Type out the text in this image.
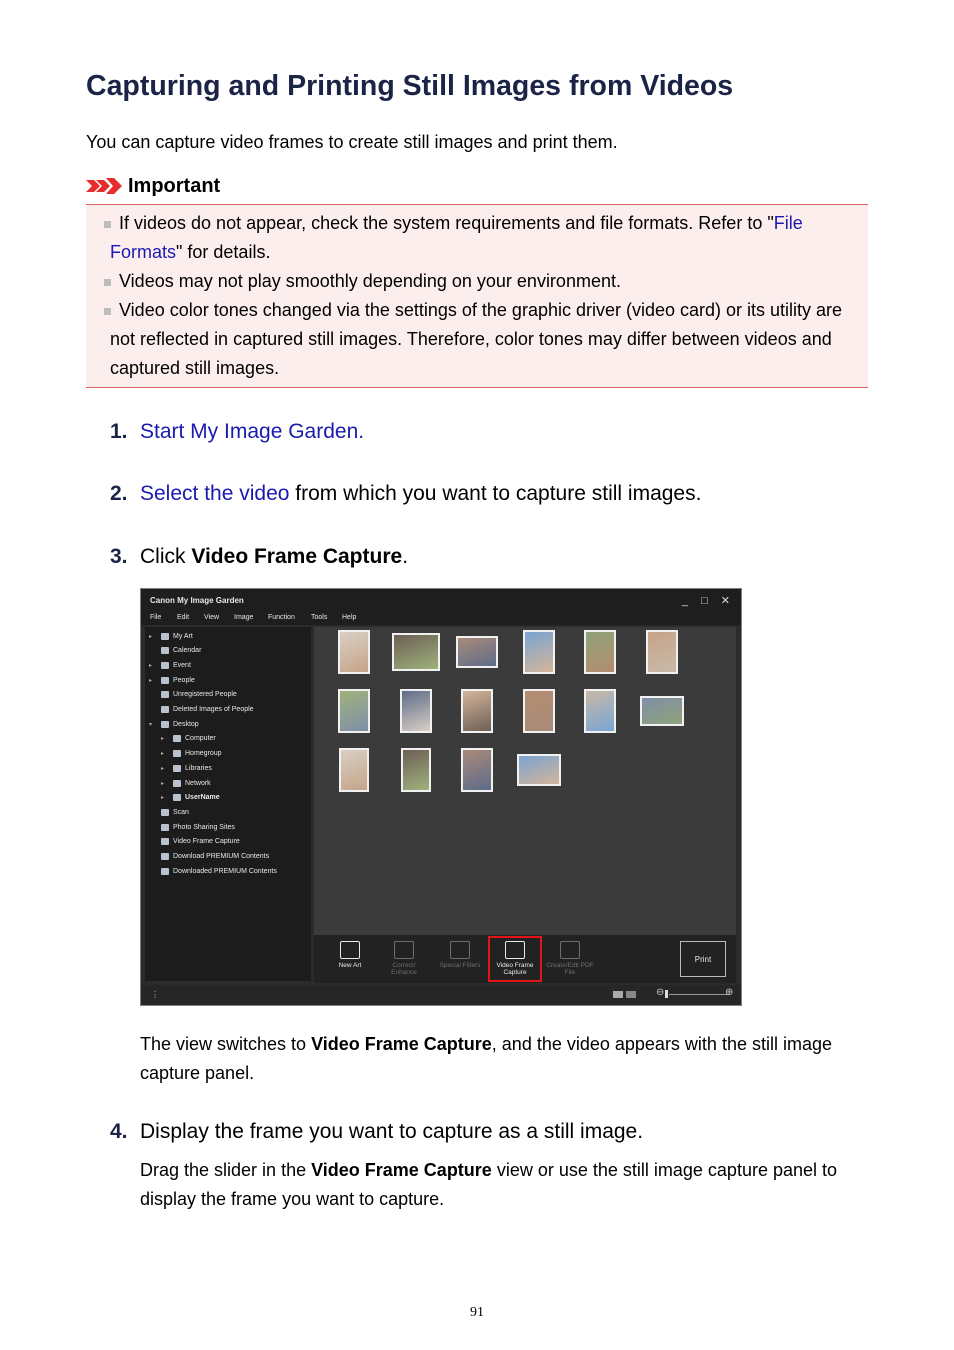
Capturing and Printing Still Images from Videos
You can capture video frames to create still images and print them.
Important
If videos do not appear, check the system requirements and file formats. Refer to "File Formats" for details.
Videos may not play smoothly depending on your environment.
Video color tones changed via the settings of the graphic driver (video card) or its utility are not reflected in captured still images. Therefore, color tones may differ between videos and captured still images.
1. Start My Image Garden.
2. Select the video from which you want to capture still images.
3. Click Video Frame Capture.
Canon My Image Garden	_ □ ✕
File Edit View Image Function Tools Help
▸	My Art
Calendar
▸	Event
▸	People
Unregistered People
Deleted Images of People
▾	Desktop
▸	Computer
▸	Homegroup
▸	Libraries
▸	Network
▸	UserName
Scan
Photo Sharing Sites
Video Frame Capture
Download PREMIUM Contents
Downloaded PREMIUM Contents
New Art	Correct/ Enhance
Special Filters	Video Frame Capture
Create/Edit PDF File
Print
⋮	⊖	⊕
The view switches to Video Frame Capture, and the video appears with the still image capture panel.
4. Display the frame you want to capture as a still image.
Drag the slider in the Video Frame Capture view or use the still image capture panel to display the frame you want to capture.
91
